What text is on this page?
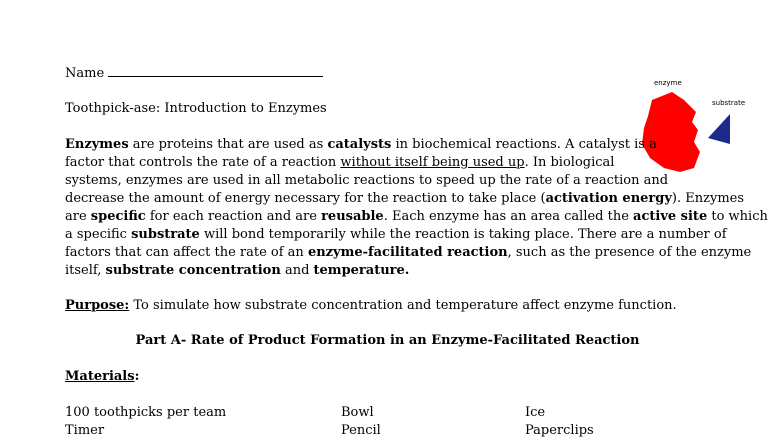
Name
Toothpick-ase: Introduction to Enzymes
enzyme
substrate
Enzymes are proteins that are used as catalysts in biochemical reactions. A catalyst is a
factor that controls the rate of a reaction without itself being used up. In biological
systems, enzymes are used in all metabolic reactions to speed up the rate of a reaction and
decrease the amount of energy necessary for the reaction to take place (activation energy). Enzymes
are specific for each reaction and are reusable. Each enzyme has an area called the active site to which
a specific substrate will bond temporarily while the reaction is taking place. There are a number of
factors that can affect the rate of an enzyme-facilitated reaction, such as the presence of the enzyme
itself, substrate concentration and temperature.
Purpose: To simulate how substrate concentration and temperature affect enzyme function.
Part A- Rate of Product Formation in an Enzyme-Facilitated Reaction
Materials:
100 toothpicks per team
Timer
Bowl
Pencil
Ice
Paperclips
